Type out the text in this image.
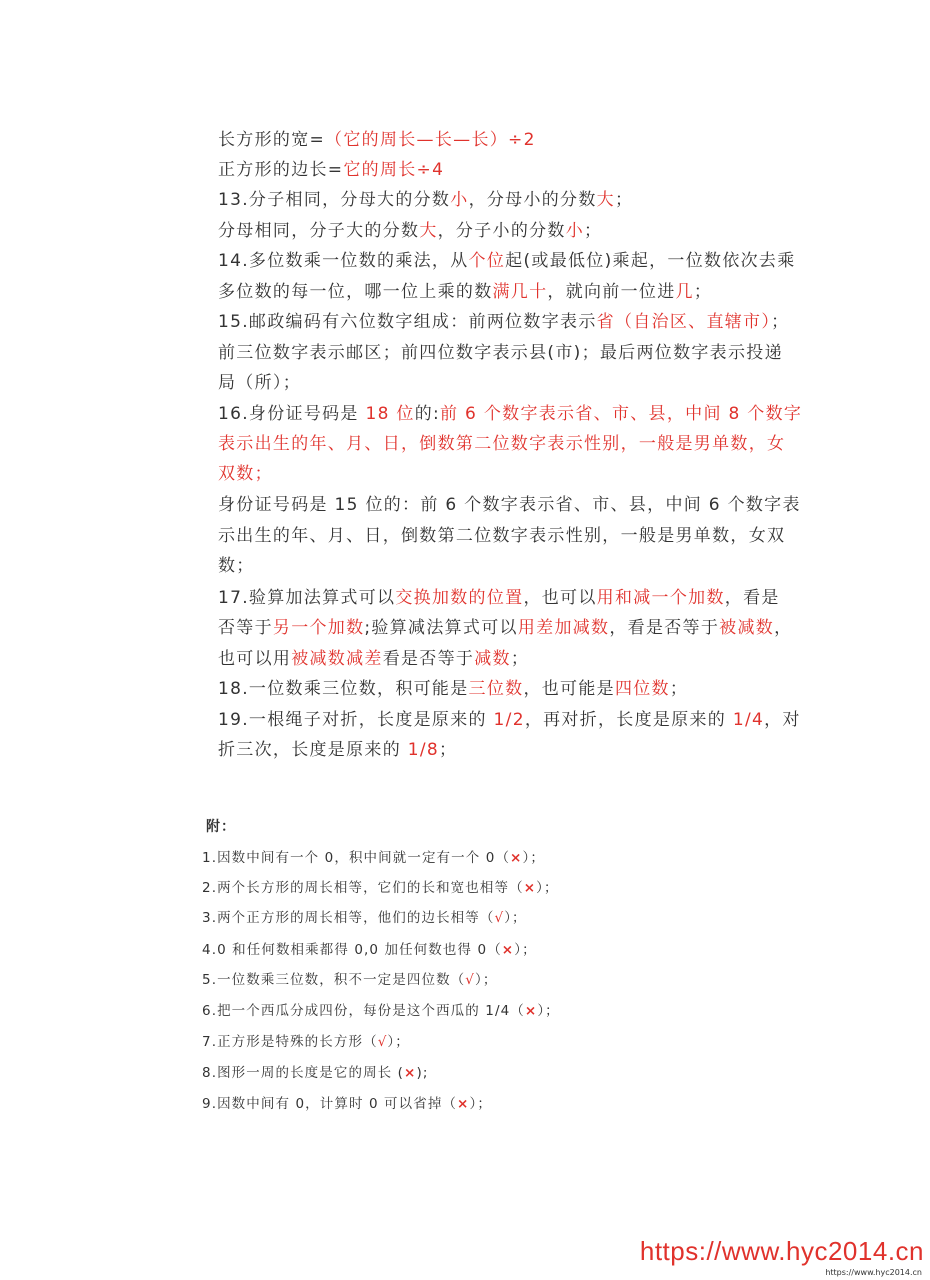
长方形的宽=（它的周长—长—长）÷2
正方形的边长=它的周长÷4
13.分子相同，分母大的分数小，分母小的分数大；
分母相同，分子大的分数大，分子小的分数小；
14.多位数乘一位数的乘法，从个位起(或最低位)乘起，一位数依次去乘
多位数的每一位，哪一位上乘的数满几十，就向前一位进几；
15.邮政编码有六位数字组成：前两位数字表示省（自治区、直辖市）；
前三位数字表示邮区；前四位数字表示县(市)；最后两位数字表示投递
局（所）；
16.身份证号码是 18 位的:前 6 个数字表示省、市、县，中间 8 个数字
表示出生的年、月、日，倒数第二位数字表示性别，一般是男单数，女
双数；
身份证号码是 15 位的：前 6 个数字表示省、市、县，中间 6 个数字表
示出生的年、月、日，倒数第二位数字表示性别，一般是男单数，女双
数；
17.验算加法算式可以交换加数的位置，也可以用和减一个加数，看是
否等于另一个加数;验算减法算式可以用差加减数，看是否等于被减数，
也可以用被减数减差看是否等于减数；
18.一位数乘三位数，积可能是三位数，也可能是四位数；
19.一根绳子对折，长度是原来的 1/2，再对折，长度是原来的 1/4，对
折三次，长度是原来的 1/8；
附：
1.因数中间有一个 0，积中间就一定有一个 0（×）；
2.两个长方形的周长相等，它们的长和宽也相等（×）；
3.两个正方形的周长相等，他们的边长相等（√）；
4.0 和任何数相乘都得 0,0 加任何数也得 0（×）；
5.一位数乘三位数，积不一定是四位数（√）；
6.把一个西瓜分成四份，每份是这个西瓜的 1/4（×）；
7.正方形是特殊的长方形（√）；
8.图形一周的长度是它的周长 (×);
9.因数中间有 0，计算时 0 可以省掉（×）；
https://www.hyc2014.cn
https://www.hyc2014.cn
